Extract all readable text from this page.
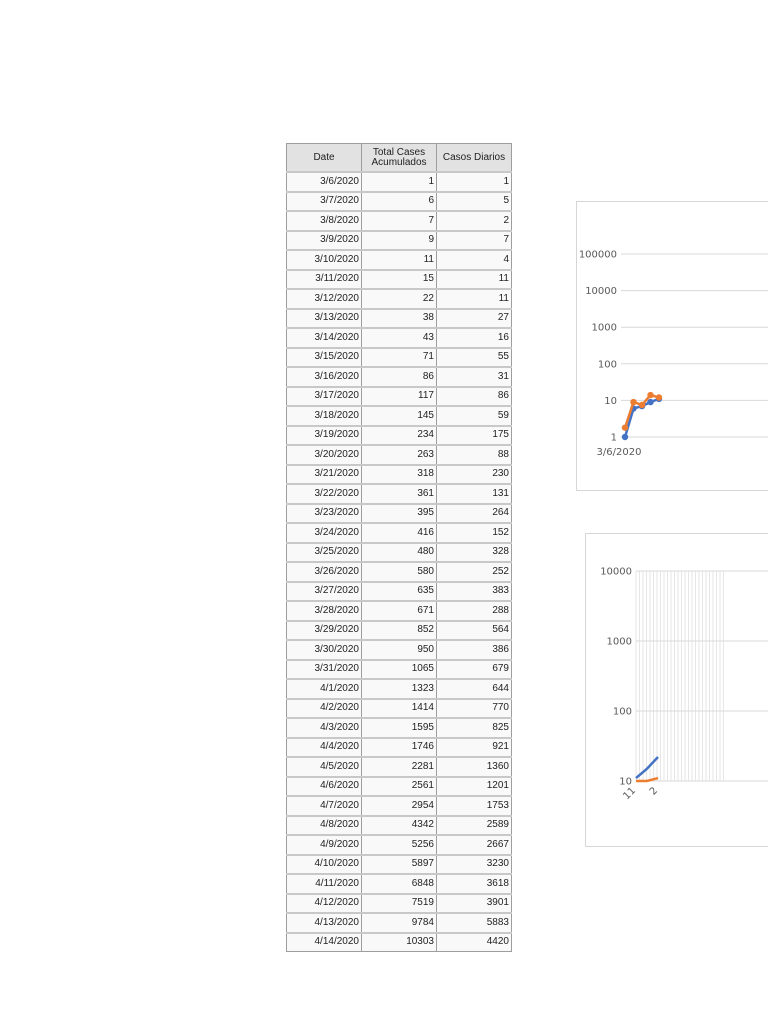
Date	Total Cases Acumulados	Casos Diarios
3/6/2020	1	1
3/7/2020	6	5
3/8/2020	7	2
3/9/2020	9	7
3/10/2020	11	4
3/11/2020	15	11
3/12/2020	22	11
3/13/2020	38	27
3/14/2020	43	16
3/15/2020	71	55
3/16/2020	86	31
3/17/2020	117	86
3/18/2020	145	59
3/19/2020	234	175
3/20/2020	263	88
3/21/2020	318	230
3/22/2020	361	131
3/23/2020	395	264
3/24/2020	416	152
3/25/2020	480	328
3/26/2020	580	252
3/27/2020	635	383
3/28/2020	671	288
3/29/2020	852	564
3/30/2020	950	386
3/31/2020	1065	679
4/1/2020	1323	644
4/2/2020	1414	770
4/3/2020	1595	825
4/4/2020	1746	921
4/5/2020	2281	1360
4/6/2020	2561	1201
4/7/2020	2954	1753
4/8/2020	4342	2589
4/9/2020	5256	2667
4/10/2020	5897	3230
4/11/2020	6848	3618
4/12/2020	7519	3901
4/13/2020	9784	5883
4/14/2020	10303	4420
1
10
100
1000
10000
100000
3/6/2020
10
100
1000
10000
11 2
